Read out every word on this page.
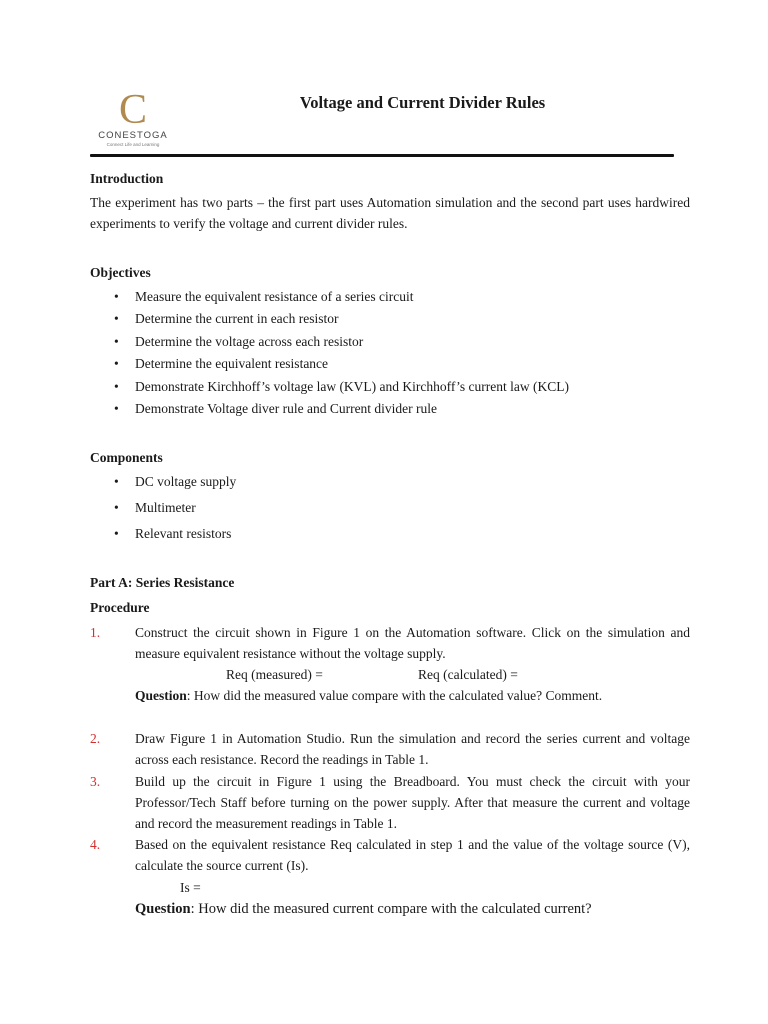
C
CONESTOGA
Connect Life and Learning
Voltage and Current Divider Rules
Introduction
The experiment has two parts – the first part uses Automation simulation and the second part uses hardwired experiments to verify the voltage and current divider rules.
Objectives
• Measure the equivalent resistance of a series circuit
• Determine the current in each resistor
• Determine the voltage across each resistor
• Determine the equivalent resistance
• Demonstrate Kirchhoff’s voltage law (KVL) and Kirchhoff’s current law (KCL)
• Demonstrate Voltage diver rule and Current divider rule
Components
• DC voltage supply
• Multimeter
• Relevant resistors
Part A: Series Resistance
Procedure
1.	Construct the circuit shown in Figure 1 on the Automation software. Click on the simulation and measure equivalent resistance without the voltage supply.
Req (measured) =	Req (calculated) =
Question: How did the measured value compare with the calculated value? Comment.
2.	Draw Figure 1 in Automation Studio. Run the simulation and record the series current and voltage across each resistance. Record the readings in Table 1.
3.	Build up the circuit in Figure 1 using the Breadboard. You must check the circuit with your Professor/Tech Staff before turning on the power supply. After that measure the current and voltage and record the measurement readings in Table 1.
4.	Based on the equivalent resistance Req calculated in step 1 and the value of the voltage source (V), calculate the source current (Is).
Is =
Question: How did the measured current compare with the calculated current?
